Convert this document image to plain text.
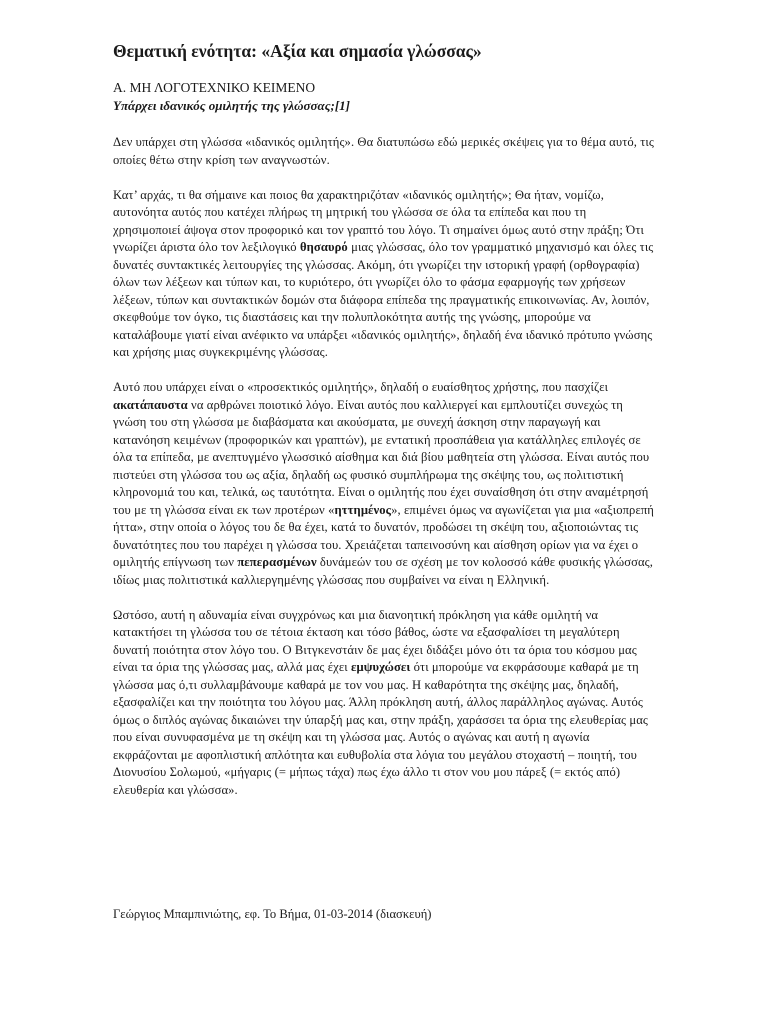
Θεματική ενότητα: «Αξία και σημασία γλώσσας»
Α. ΜΗ ΛΟΓΟΤΕΧΝΙΚΟ ΚΕΙΜΕΝΟ
Υπάρχει ιδανικός ομιλητής της γλώσσας;[1]

Δεν υπάρχει στη γλώσσα «ιδανικός ομιλητής». Θα διατυπώσω εδώ μερικές σκέψεις για το θέμα αυτό, τις οποίες θέτω στην κρίση των αναγνωστών.

Κατ’ αρχάς, τι θα σήμαινε και ποιος θα χαρακτηριζόταν «ιδανικός ομιλητής»; Θα ήταν, νομίζω, αυτονόητα αυτός που κατέχει πλήρως τη μητρική του γλώσσα σε όλα τα επίπεδα και που τη χρησιμοποιεί άψογα στον προφορικό και τον γραπτό του λόγο. Τι σημαίνει όμως αυτό στην πράξη; Ότι γνωρίζει άριστα όλο τον λεξιλογικό θησαυρό μιας γλώσσας, όλο τον γραμματικό μηχανισμό και όλες τις δυνατές συντακτικές λειτουργίες της γλώσσας. Ακόμη, ότι γνωρίζει την ιστορική γραφή (ορθογραφία) όλων των λέξεων και τύπων και, το κυριότερο, ότι γνωρίζει όλο το φάσμα εφαρμογής των χρήσεων λέξεων, τύπων και συντακτικών δομών στα διάφορα επίπεδα της πραγματικής επικοινωνίας. Αν, λοιπόν, σκεφθούμε τον όγκο, τις διαστάσεις και την πολυπλοκότητα αυτής της γνώσης, μπορούμε να καταλάβουμε γιατί είναι ανέφικτο να υπάρξει «ιδανικός ομιλητής», δηλαδή ένα ιδανικό πρότυπο γνώσης και χρήσης μιας συγκεκριμένης γλώσσας.

Αυτό που υπάρχει είναι ο «προσεκτικός ομιλητής», δηλαδή ο ευαίσθητος χρήστης, που πασχίζει ακατάπαυστα να αρθρώνει ποιοτικό λόγο. Είναι αυτός που καλλιεργεί και εμπλουτίζει συνεχώς τη γνώση του στη γλώσσα με διαβάσματα και ακούσματα, με συνεχή άσκηση στην παραγωγή και κατανόηση κειμένων (προφορικών και γραπτών), με εντατική προσπάθεια για κατάλληλες επιλογές σε όλα τα επίπεδα, με ανεπτυγμένο γλωσσικό αίσθημα και διά βίου μαθητεία στη γλώσσα. Είναι αυτός που πιστεύει στη γλώσσα του ως αξία, δηλαδή ως φυσικό συμπλήρωμα της σκέψης του, ως πολιτιστική κληρονομιά του και, τελικά, ως ταυτότητα. Είναι ο ομιλητής που έχει συναίσθηση ότι στην αναμέτρησή του με τη γλώσσα είναι εκ των προτέρων «ηττημένος», επιμένει όμως να αγωνίζεται για μια «αξιοπρεπή ήττα», στην οποία ο λόγος του δε θα έχει, κατά το δυνατόν, προδώσει τη σκέψη του, αξιοποιώντας τις δυνατότητες που του παρέχει η γλώσσα του. Χρειάζεται ταπεινοσύνη και αίσθηση ορίων για να έχει ο ομιλητής επίγνωση των πεπερασμένων δυνάμεών του σε σχέση με τον κολοσσό κάθε φυσικής γλώσσας, ιδίως μιας πολιτιστικά καλλιεργημένης γλώσσας που συμβαίνει να είναι η Ελληνική.

Ωστόσο, αυτή η αδυναμία είναι συγχρόνως και μια διανοητική πρόκληση για κάθε ομιλητή να κατακτήσει τη γλώσσα του σε τέτοια έκταση και τόσο βάθος, ώστε να εξασφαλίσει τη μεγαλύτερη δυνατή ποιότητα στον λόγο του. Ο Βιτγκενστάιν δε μας έχει διδάξει μόνο ότι τα όρια του κόσμου μας είναι τα όρια της γλώσσας μας, αλλά μας έχει εμψυχώσει ότι μπορούμε να εκφράσουμε καθαρά με τη γλώσσα μας ό,τι συλλαμβάνουμε καθαρά με τον νου μας. Η καθαρότητα της σκέψης μας, δηλαδή, εξασφαλίζει και την ποιότητα του λόγου μας. Άλλη πρόκληση αυτή, άλλος παράλληλος αγώνας. Αυτός όμως ο διπλός αγώνας δικαιώνει την ύπαρξή μας και, στην πράξη, χαράσσει τα όρια της ελευθερίας μας που είναι συνυφασμένα με τη σκέψη και τη γλώσσα μας. Αυτός ο αγώνας και αυτή η αγωνία εκφράζονται με αφοπλιστική απλότητα και ευθυβολία στα λόγια του μεγάλου στοχαστή – ποιητή, του Διονυσίου Σολωμού, «μήγαρις (= μήπως τάχα) πως έχω άλλο τι στον νου μου πάρεξ (= εκτός από) ελευθερία και γλώσσα».

Γεώργιος Μπαμπινιώτης, εφ. Το Βήμα, 01-03-2014 (διασκευή)
